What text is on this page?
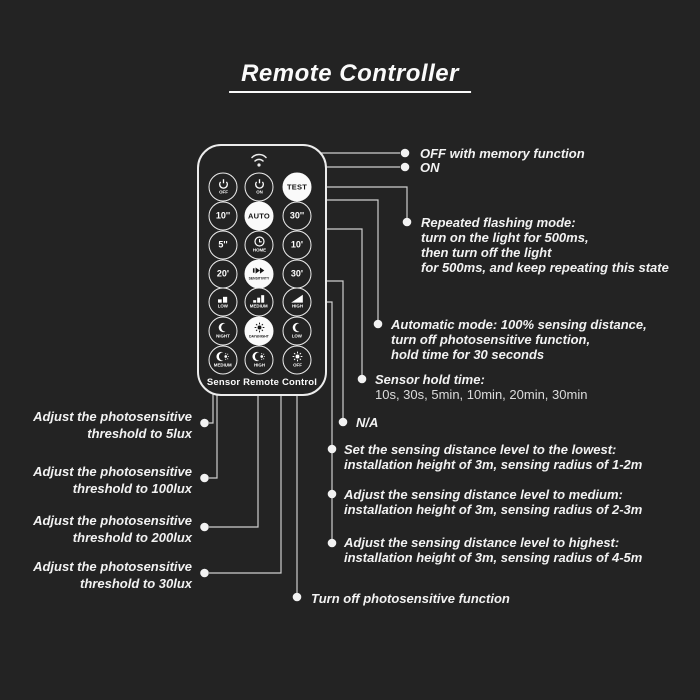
Remote Controller
OFF	ON
TEST
10'' AUTO 30''
5''
HOME
10'
20' SENSITIVITY 30'
LOW	MEDIUM	HIGH
NIGHT DAY&NIGHT	LOW
MEDIUM	HIGH	OFF
Sensor Remote Control
OFF with memory function
ON
Repeated flashing mode:
turn on the light for 500ms,
then turn off the light
for 500ms, and keep repeating this state
Automatic mode: 100% sensing distance,
turn off photosensitive function,
hold time for 30 seconds
Sensor hold time:
10s, 30s, 5min, 10min, 20min, 30min
N/A
Set the sensing distance level to the lowest:
installation height of 3m, sensing radius of 1-2m
Adjust the sensing distance level to medium:
installation height of 3m, sensing radius of 2-3m
Adjust the sensing distance level to highest:
installation height of 3m, sensing radius of 4-5m
Turn off photosensitive function
Adjust the photosensitive
threshold to 5lux
Adjust the photosensitive
threshold to 100lux
Adjust the photosensitive
threshold to 200lux
Adjust the photosensitive
threshold to 30lux
